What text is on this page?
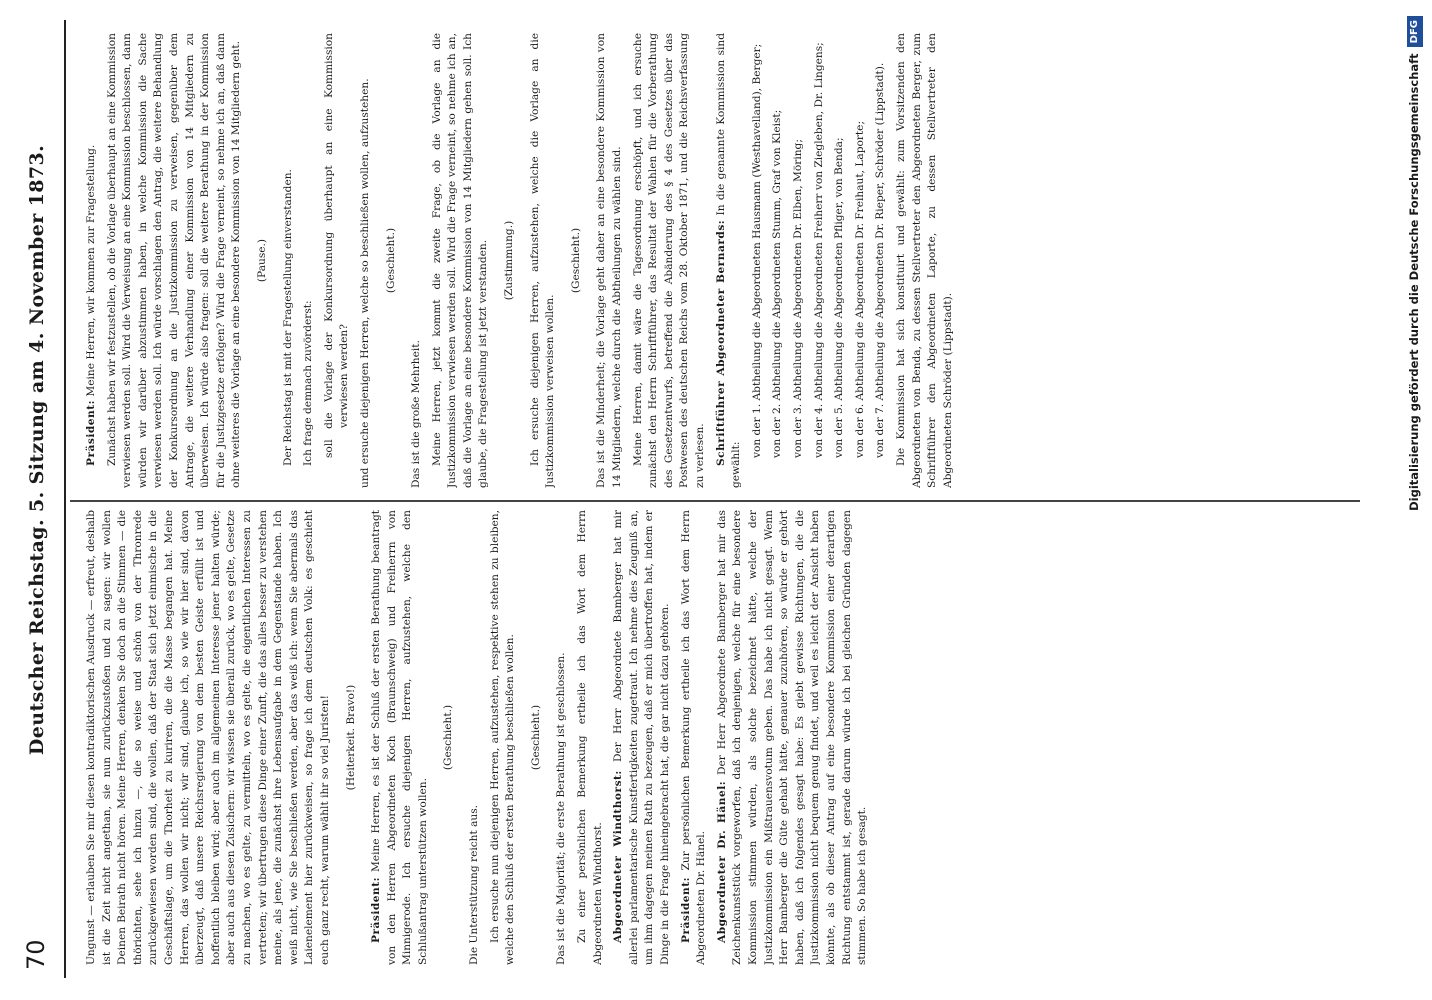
70
Deutscher Reichstag. 5. Sitzung am 4. November 1873.	Ungunst — erlauben Sie mir diesen kontradiktorischen Ausdruck — erfreut, deshalb ist die Zeit nicht angethan, sie nun zurückzustoßen und zu sagen: wir wollen Deinen Beirath nicht hören. Meine Herren, denken Sie doch an die Stimmen — die thörichten, sehe ich hinzu —, die so weise und schön von der Thronrede zurückgewiesen worden sind, die wollen, daß der Staat sich jetzt einmische in die Geschäftslage, um die Thorheit zu kuriren, die die Masse begangen hat. Meine Herren, das wollen wir nicht; wir sind, glaube ich, so wie wir hier sind, davon überzeugt, daß unsere Reichsregierung von dem besten Geiste erfüllt ist und hoffentlich bleiben wird; aber auch im allgemeinen Interesse jener halten würde; aber auch aus diesen Zusichern: wir wissen sie überall zurück, wo es gelte, Gesetze zu machen, wo es gelte, zu vermitteln, wo es gelte, die eigentlichen Interessen zu vertreten; wir übertrugen diese Dinge einer Zunft, die das alles besser zu verstehen meine, als jene, die zunächst ihre Lebensaufgabe in dem Gegenstande haben. Ich weiß nicht, wie Sie beschließen werden, aber das weiß ich: wenn Sie abermals das Laienelement hier zurückweisen, so frage ich dem deutschen Volk: es geschieht euch ganz recht, warum wählt ihr so viel Juristen! (Heiterkeit. Bravo!)

Präsident: Meine Herren, es ist der Schluß der ersten Berathung beantragt von den Herren Abgeordneten Koch (Braunschweig) und Freiherrn von Minnigerode. Ich ersuche diejenigen Herren, aufzustehen, welche den Schlußantrag unterstützen wollen.

(Geschieht.)

Die Unterstützung reicht aus. Ich ersuche nun diejenigen Herren, aufzustehen, respektive stehen zu bleiben, welche den Schluß der ersten Berathung beschließen wollen. (Geschieht.) Das ist die Majorität; die erste Berathung ist geschlossen. Zu einer persönlichen Bemerkung ertheile ich das Wort dem Herrn Abgeordneten Windthorst. Abgeordneter Windthorst: Der Herr Abgeordnete Bamberger hat mir allerlei parlamentarische Kunstfertigkeiten zugetraut. Ich nehme dies Zeugniß an, um ihm dagegen meinen Rath zu bezeugen, daß er mich übertroffen hat, indem er Dinge in die Frage hineingebracht hat, die gar nicht dazu gehören. Präsident: Zur persönlichen Bemerkung ertheile ich das Wort dem Herrn Abgeordneten Dr. Hänel. Abgeordneter Dr. Hänel: Der Herr Abgeordnete Bamberger hat mir das Zeichenkunststück vorgeworfen, daß ich denjenigen, welche für eine besondere Kommission stimmen würden, als solche bezeichnet hätte, welche der Justizkommission ein Mißtrauensvotum geben. Das habe ich nicht gesagt. Wenn Herr Bamberger die Güte gehabt hätte, genauer zuzuhören, so würde er gehört haben, daß ich folgendes gesagt habe: Es giebt gewisse Richtungen, die die Justizkommission nicht bequem genug findet, und weil es leicht der Ansicht haben könnte, als ob dieser Antrag auf eine besondere Kommission einer derartigen Richtung entstammt ist, gerade darum würde ich bei gleichen Gründen dagegen stimmen. So habe ich gesagt.

Präsident: Meine Herren, wir kommen zur Fragestellung. Zunächst haben wir festzustellen, ob die Vorlage überhaupt an eine Kommission verwiesen werden soll. Wird die Verweisung an eine Kommission beschlossen, dann würden wir darüber abzustimmen haben, in welche Kommission die Sache verwiesen werden soll. Ich würde vorschlagen den Antrag, die weitere Behandlung der Konkursordnung an die Justizkommission zu verweisen, gegenüber dem Antrage, die weitere Verhandlung einer Kommission von 14 Mitgliedern zu überweisen. Ich würde also fragen: soll die weitere Berathung in der Kommission für die Justizgesetze erfolgen? Wird die Frage verneint, so nehme ich an, daß dann ohne weiteres die Vorlage an eine besondere Kommission von 14 Mitgliedern geht. (Pause.) Der Reichstag ist mit der Fragestellung einverstanden. Ich frage demnach zuvörderst: soll die Vorlage der Konkursordnung überhaupt an eine Kommission verwiesen werden? und ersuche diejenigen Herren, welche so beschließen wollen, aufzustehen. (Geschieht.)

Das ist die große Mehrheit. Meine Herren, jetzt kommt die zweite Frage, ob die Vorlage an die Justizkommission verwiesen werden soll. Wird die Frage verneint, so nehme ich an, daß die Vorlage an eine besondere Kommission von 14 Mitgliedern gehen soll. Ich glaube, die Fragestellung ist jetzt verstanden. (Zustimmung.) Ich ersuche diejenigen Herren, aufzustehen, welche die Vorlage an die Justizkommission verweisen wollen.

(Geschieht.) Das ist die Minderheit; die Vorlage geht daher an eine besondere Kommission von 14 Mitgliedern, welche durch die Abtheilungen zu wählen sind. Meine Herren, damit wäre die Tagesordnung erschöpft, und ich ersuche zunächst den Herrn Schriftführer, das Resultat der Wahlen für die Vorberathung des Gesetzentwurfs, betreffend die Abänderung des § 4 des Gesetzes über das Postwesen des deutschen Reichs vom 28. Oktober 1871, und die Reichsverfassung zu verlesen. Schriftführer Abgeordneter Bernards: In die genannte Kommission sind gewählt:

von der 1. Abtheilung die Abgeordneten Hausmann (Westhavelland), Berger; von der 2. Abtheilung die Abgeordneten Stumm, Graf von Kleist; von der 3. Abtheilung die Abgeordneten Dr. Elben, Möring; von der 4. Abtheilung die Abgeordneten Freiherr von Ziegleben, Dr. Lingens; von der 5. Abtheilung die Abgeordneten Pfliger, von Benda; von der 6. Abtheilung die Abgeordneten Dr. Freihaut, Laporte; von der 7. Abtheilung die Abgeordneten Dr. Rieper, Schröder (Lippstadt). Die Kommission hat sich konstituirt und gewählt: zum Vorsitzenden den Abgeordneten von Benda, zu dessen Stellvertreter den Abgeordneten Berger, zum Schriftführer den Abgeordneten Laporte, zu dessen Stellvertreter den Abgeordneten Schröder (Lippstadt).	Digitalisierung gefördert durch die Deutsche ForschungsgemeinschaftDFG
